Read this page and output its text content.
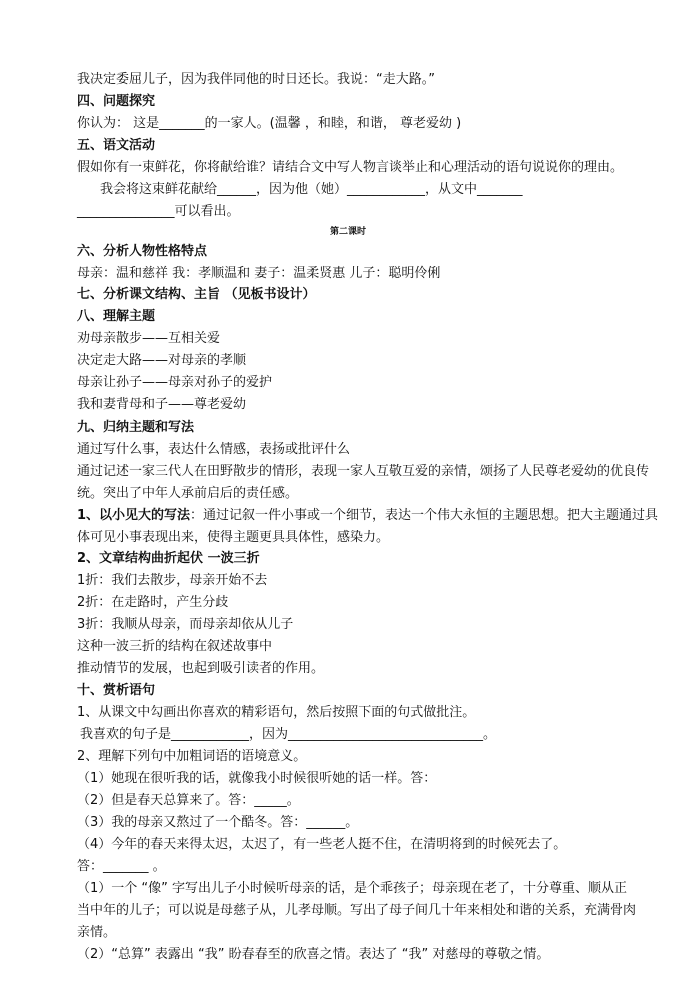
我决定委屈儿子，因为我伴同他的时日还长。我说：“走大路。”
四、问题探究
你认为： 这是_______的一家人。(温馨 ，和睦，和谐， 尊老爱幼 )
五、语文活动
假如你有一束鲜花，你将献给谁？请结合文中写人物言谈举止和心理活动的语句说说你的理由。
我会将这束鲜花献给______，因为他（她）____________，从文中_______
_______________可以看出。
第二课时
六、分析人物性格特点
母亲：温和慈祥 我：孝顺温和 妻子：温柔贤惠 儿子：聪明伶俐
七、分析课文结构、主旨 （见板书设计）
八、理解主题
劝母亲散步——互相关爱
决定走大路——对母亲的孝顺
母亲让孙子——母亲对孙子的爱护
我和妻背母和子——尊老爱幼
九、归纳主题和写法
通过写什么事，表达什么情感，表扬或批评什么
通过记述一家三代人在田野散步的情形，表现一家人互敬互爱的亲情，颂扬了人民尊老爱幼的优良传
统。突出了中年人承前启后的责任感。
1、以小见大的写法：通过记叙一件小事或一个细节，表达一个伟大永恒的主题思想。把大主题通过具
体可见小事表现出来，使得主题更具具体性，感染力。
2、文章结构曲折起伏 一波三折
1折：我们去散步，母亲开始不去
2折：在走路时，产生分歧
3折：我顺从母亲，而母亲却依从儿子
这种一波三折的结构在叙述故事中
推动情节的发展，也起到吸引读者的作用。
十、赏析语句
1、从课文中勾画出你喜欢的精彩语句，然后按照下面的句式做批注。
我喜欢的句子是____________，因为______________________________。
2、理解下列句中加粗词语的语境意义。
（1）她现在很听我的话，就像我小时候很听她的话一样。答：
（2）但是春天总算来了。答：_____。
（3）我的母亲又熬过了一个酷冬。答：______。
（4）今年的春天来得太迟，太迟了，有一些老人挺不住，在清明将到的时候死去了。
答：_______ 。
（1）一个 “像” 字写出儿子小时候听母亲的话，是个乖孩子；母亲现在老了，十分尊重、顺从正
当中年的儿子；可以说是母慈子从，儿孝母顺。写出了母子间几十年来相处和谐的关系，充满骨肉
亲情。
（2）“总算” 表露出 “我” 盼春春至的欣喜之情。表达了 “我” 对慈母的尊敬之情。
